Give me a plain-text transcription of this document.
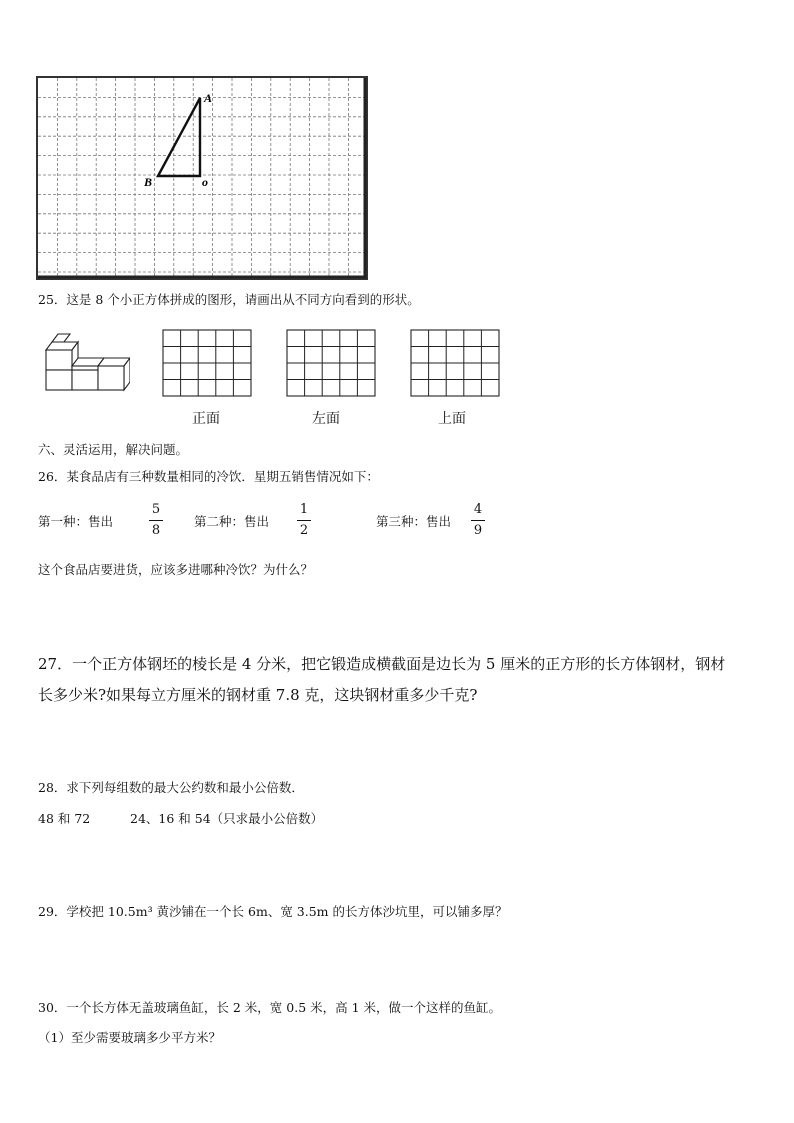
A
B	o
25．这是 8 个小正方体拼成的图形，请画出从不同方向看到的形状。
正面	左面	上面
六、灵活运用，解决问题。
26．某食品店有三种数量相同的冷饮．星期五销售情况如下：
第一种：售出
5
8
第二种：售出
1
2
第三种：售出
4
9
这个食品店要进货，应该多进哪种冷饮？为什么？
27．一个正方体钢坯的棱长是 4 分米，把它锻造成横截面是边长为 5 厘米的正方形的长方体钢材，钢材
长多少米?如果每立方厘米的钢材重 7.8 克，这块钢材重多少千克?
28．求下列每组数的最大公约数和最小公倍数．
48 和 72	24、16 和 54（只求最小公倍数）
29．学校把 10.5m³ 黄沙铺在一个长 6m、宽 3.5m 的长方体沙坑里，可以铺多厚？
30．一个长方体无盖玻璃鱼缸，长 2 米，宽 0.5 米，高 1 米，做一个这样的鱼缸。
（1）至少需要玻璃多少平方米？
